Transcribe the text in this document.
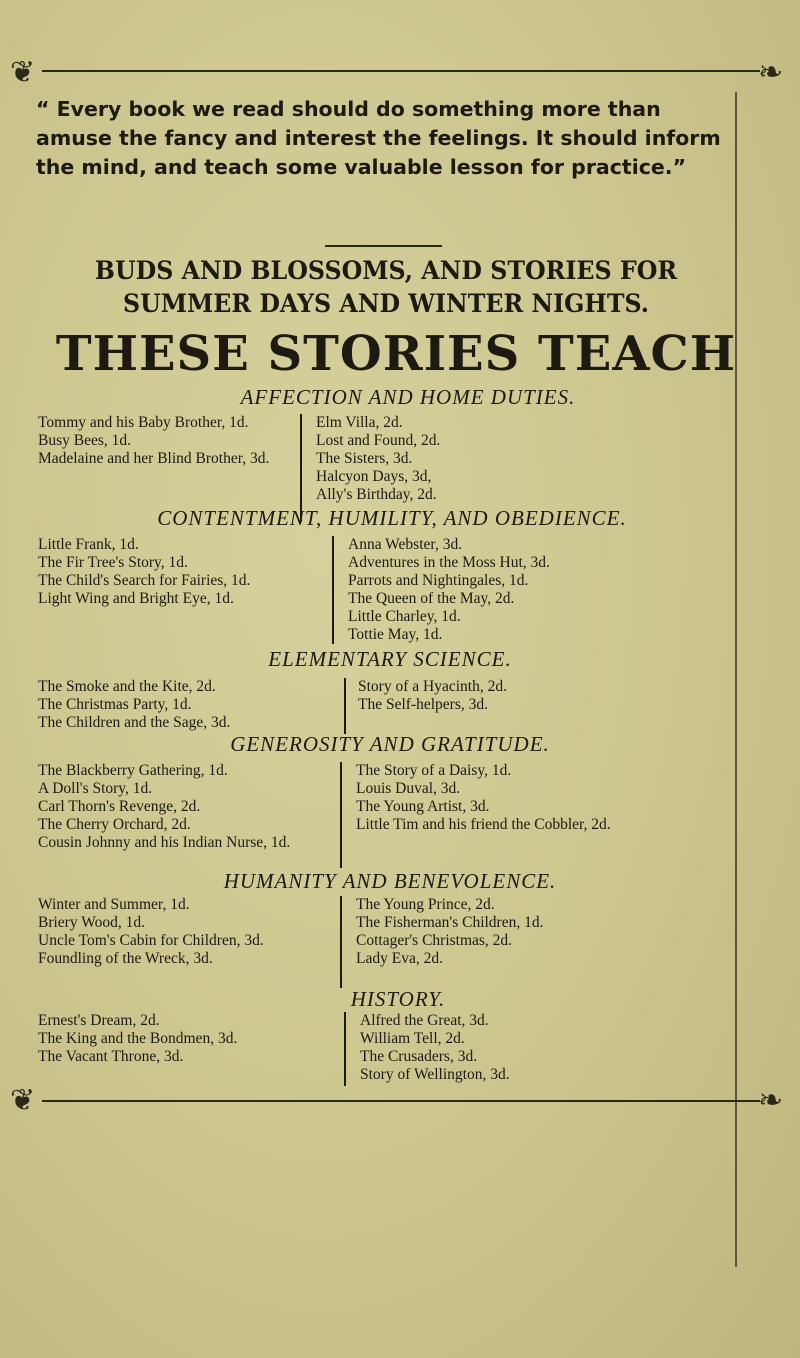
❦	❧

“ Every book we read should do something more than amuse the fancy and interest the feelings. It should inform the mind, and teach some valuable lesson for practice.”

BUDS AND BLOSSOMS, AND STORIES FOR SUMMER DAYS AND WINTER NIGHTS.

THESE STORIES TEACH

AFFECTION AND HOME DUTIES.

Tommy and his Baby Brother, 1d.
Busy Bees, 1d.
Madelaine and her Blind Brother, 3d.
Elm Villa, 2d.
Lost and Found, 2d.
The Sisters, 3d.
Halcyon Days, 3d,
Ally's Birthday, 2d.

CONTENTMENT, HUMILITY, AND OBEDIENCE.

Little Frank, 1d.
The Fir Tree's Story, 1d.
The Child's Search for Fairies, 1d.
Light Wing and Bright Eye, 1d.
Anna Webster, 3d.
Adventures in the Moss Hut, 3d.
Parrots and Nightingales, 1d.
The Queen of the May, 2d.
Little Charley, 1d.
Tottie May, 1d.

ELEMENTARY SCIENCE.

The Smoke and the Kite, 2d.
The Christmas Party, 1d.
The Children and the Sage, 3d.
Story of a Hyacinth, 2d.
The Self-helpers, 3d.

GENEROSITY AND GRATITUDE.

The Blackberry Gathering, 1d.
A Doll's Story, 1d.
Carl Thorn's Revenge, 2d.
The Cherry Orchard, 2d.
Cousin Johnny and his Indian Nurse, 1d.
The Story of a Daisy, 1d.
Louis Duval, 3d.
The Young Artist, 3d.
Little Tim and his friend the Cobbler, 2d.

HUMANITY AND BENEVOLENCE.

Winter and Summer, 1d.
Briery Wood, 1d.
Uncle Tom's Cabin for Children, 3d.
Foundling of the Wreck, 3d.
The Young Prince, 2d.
The Fisherman's Children, 1d.
Cottager's Christmas, 2d.
Lady Eva, 2d.

HISTORY.

Ernest's Dream, 2d.
The King and the Bondmen, 3d.
The Vacant Throne, 3d.
Alfred the Great, 3d.
William Tell, 2d.
The Crusaders, 3d.
Story of Wellington, 3d.
❦	❧
